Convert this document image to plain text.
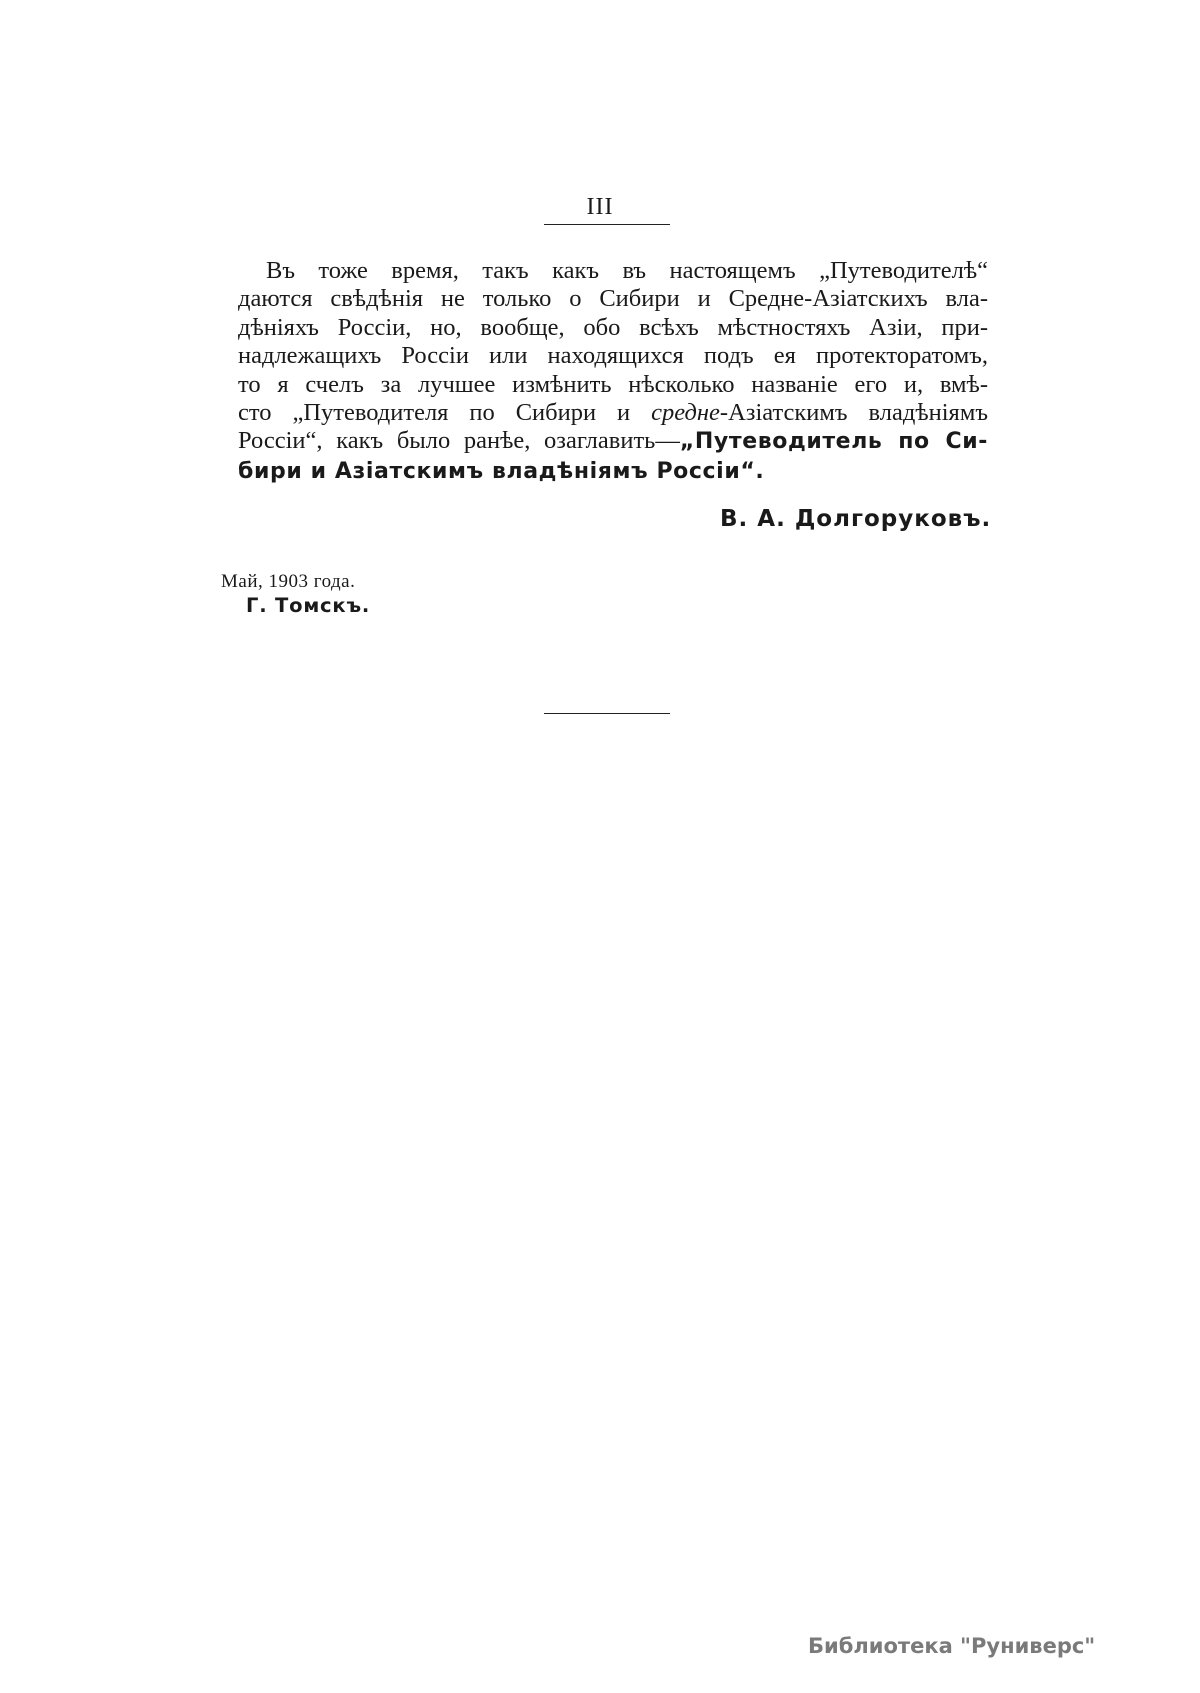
III
Въ тоже время, такъ какъ въ настоящемъ „Путеводителѣ“
даются свѣдѣнія не только о Сибири и Средне-Азіатскихъ вла-
дѣніяхъ Россіи, но, вообще, обо всѣхъ мѣстностяхъ Азіи, при-
надлежащихъ Россіи или находящихся подъ ея протекторатомъ,
то я счелъ за лучшее измѣнить нѣсколько названіе его и, вмѣ-
сто „Путеводителя по Сибири и средне-Азіатскимъ владѣніямъ
Россіи“, какъ было ранѣе, озаглавить—„Путеводитель по Си-
бири и Азіатскимъ владѣніямъ Россіи“.
В. А. Долгоруковъ.
Май, 1903 года.
Г. Томскъ.
Библиотека "Руниверс"
